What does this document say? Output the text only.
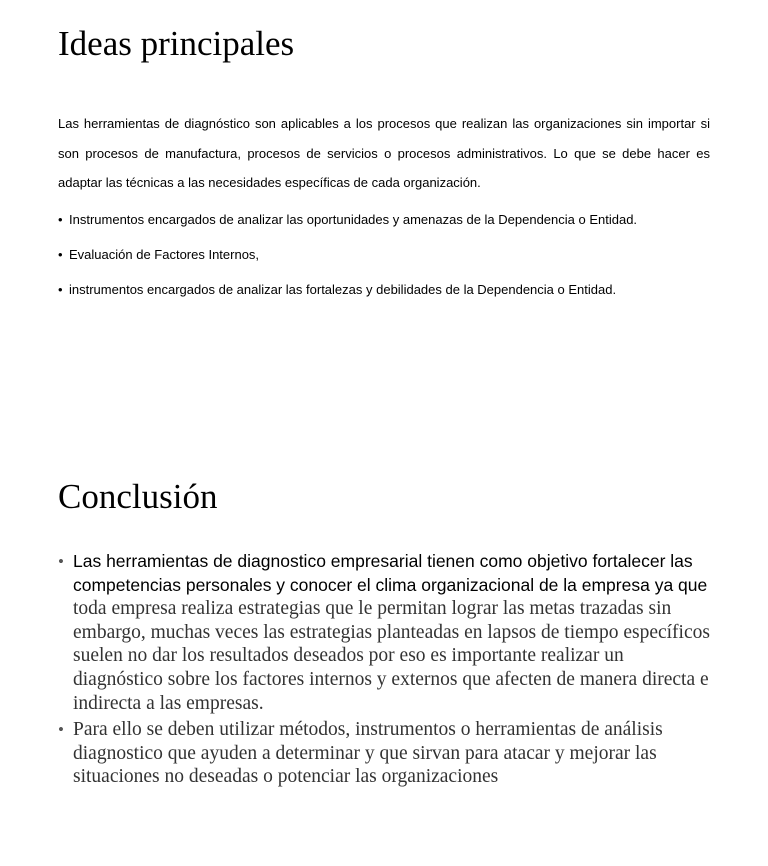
Ideas principales

Las herramientas de diagnóstico son aplicables a los procesos que realizan las organizaciones sin importar si son procesos de manufactura, procesos de servicios o procesos administrativos. Lo que se debe hacer es adaptar las técnicas a las necesidades específicas de cada organización.

• Instrumentos encargados de analizar las oportunidades y amenazas de la Dependencia o Entidad.
• Evaluación de Factores Internos,
• instrumentos encargados de analizar las fortalezas y debilidades de la Dependencia o Entidad.
Conclusión
• Las herramientas de diagnostico empresarial tienen como objetivo fortalecer las competencias personales y conocer el clima organizacional de la empresa ya que toda empresa realiza estrategias que le permitan lograr las metas trazadas sin embargo, muchas veces las estrategias planteadas en lapsos de tiempo específicos suelen no dar los resultados deseados por eso es importante realizar un diagnóstico sobre los factores internos y externos que afecten de manera directa e indirecta a las empresas.
• Para ello se deben utilizar métodos, instrumentos o herramientas de análisis diagnostico que ayuden a determinar y que sirvan para atacar y mejorar las situaciones no deseadas o potenciar las organizaciones
